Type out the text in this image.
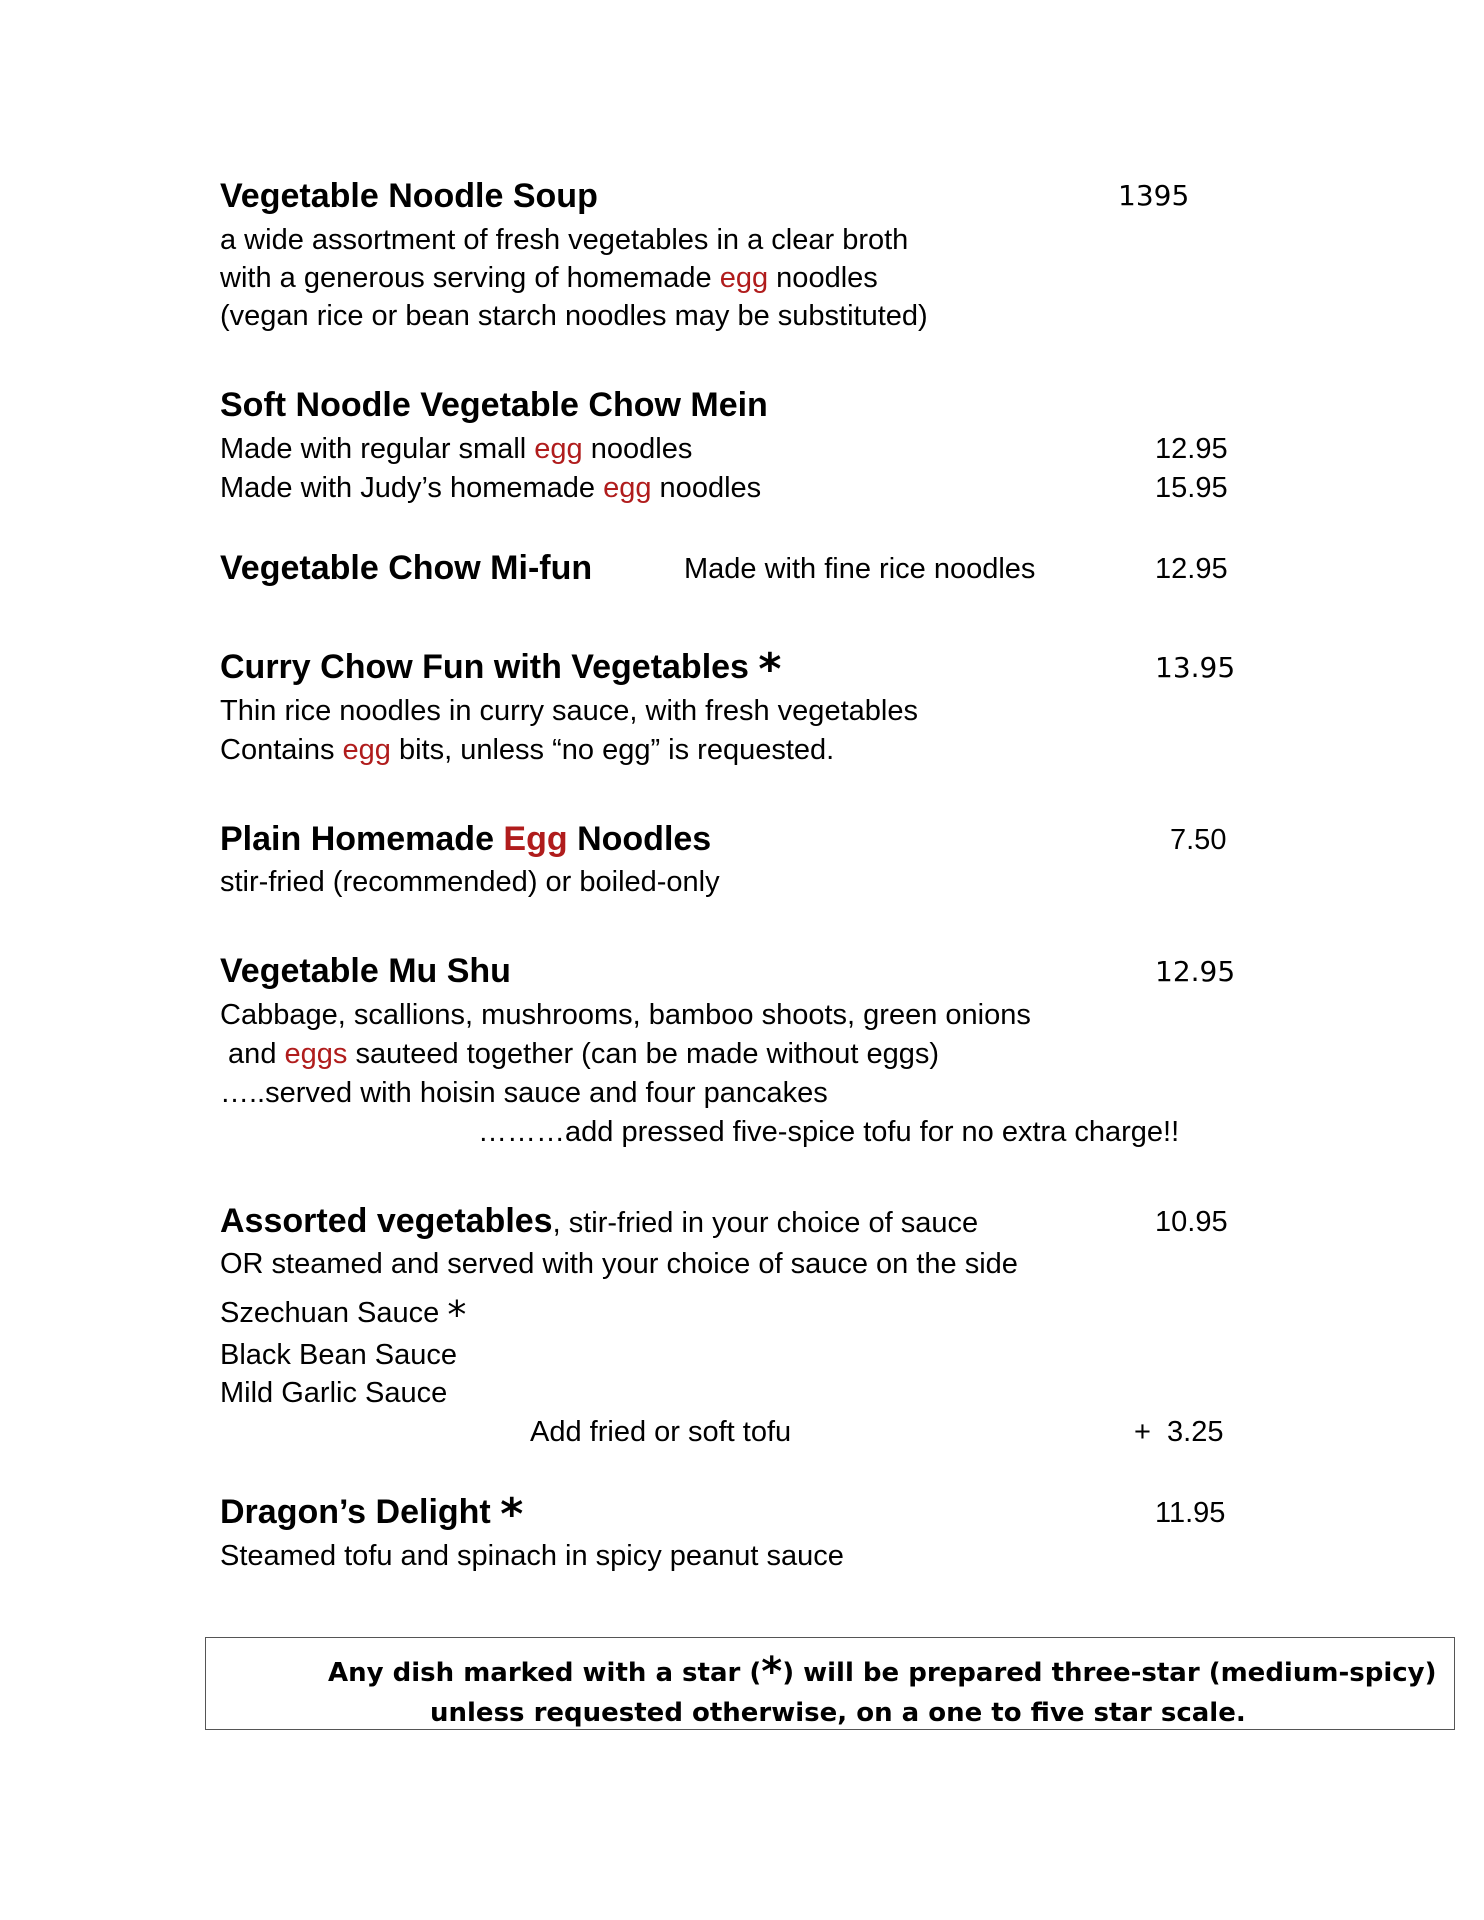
Vegetable Noodle Soup	1395
a wide assortment of fresh vegetables in a clear broth
with a generous serving of homemade egg noodles
(vegan rice or bean starch noodles may be substituted)
Soft Noodle Vegetable Chow Mein
Made with regular small egg noodles	12.95
Made with Judy’s homemade egg noodles	15.95
Vegetable Chow Mi-fun	Made with fine rice noodles	12.95
Curry Chow Fun with Vegetables *	13.95
Thin rice noodles in curry sauce, with fresh vegetables
Contains egg bits, unless “no egg” is requested.
Plain Homemade Egg Noodles	7.50
stir-fried (recommended) or boiled-only
Vegetable Mu Shu	12.95
Cabbage, scallions, mushrooms, bamboo shoots, green onions
and eggs sauteed together (can be made without eggs)
…..served with hoisin sauce and four pancakes
………add pressed five-spice tofu for no extra charge!!
Assorted vegetables, stir-fried in your choice of sauce	10.95
OR steamed and served with your choice of sauce on the side
Szechuan Sauce *
Black Bean Sauce
Mild Garlic Sauce
Add fried or soft tofu	+  3.25
Dragon’s Delight *	11.95
Steamed tofu and spinach in spicy peanut sauce
Any dish marked with a star (*) will be prepared three-star (medium-spicy)
unless requested otherwise, on a one to five star scale.
